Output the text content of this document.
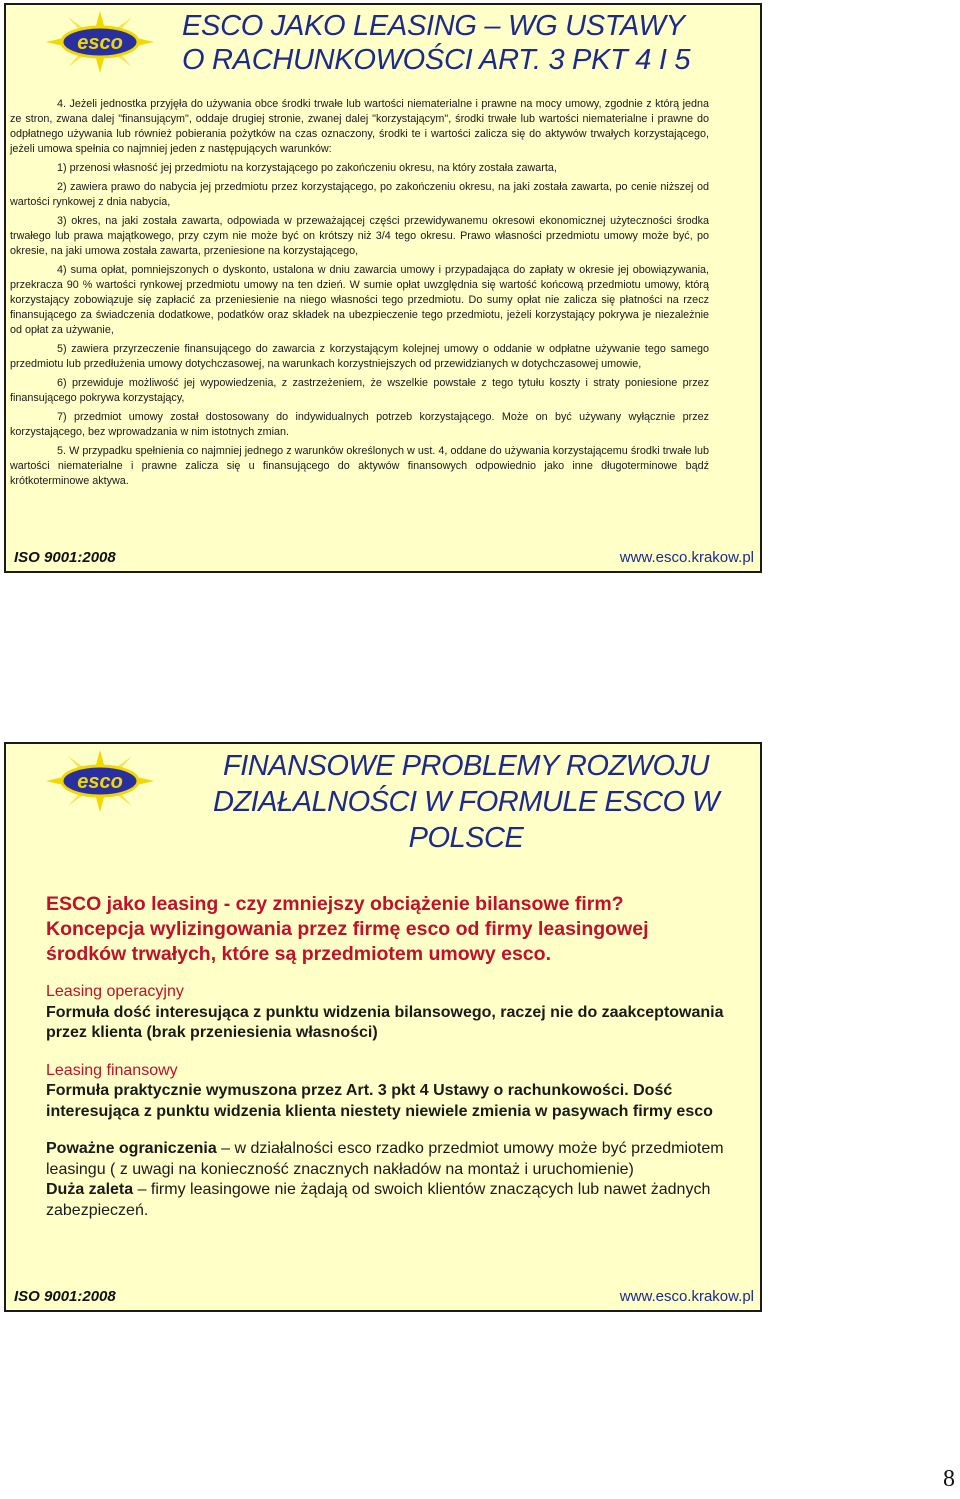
esco
ESCO JAKO LEASING – WG USTAWY
O RACHUNKOWOŚCI ART. 3 PKT 4 I 5

4. Jeżeli jednostka przyjęła do używania obce środki trwałe lub wartości niematerialne i prawne na mocy umowy, zgodnie z którą jedna ze stron, zwana dalej "finansującym", oddaje drugiej stronie, zwanej dalej "korzystającym", środki trwałe lub wartości niematerialne i prawne do odpłatnego używania lub również pobierania pożytków na czas oznaczony, środki te i wartości zalicza się do aktywów trwałych korzystającego, jeżeli umowa spełnia co najmniej jeden z następujących warunków:

1) przenosi własność jej przedmiotu na korzystającego po zakończeniu okresu, na który została zawarta,

2) zawiera prawo do nabycia jej przedmiotu przez korzystającego, po zakończeniu okresu, na jaki została zawarta, po cenie niższej od wartości rynkowej z dnia nabycia,

3) okres, na jaki została zawarta, odpowiada w przeważającej części przewidywanemu okresowi ekonomicznej użyteczności środka trwałego lub prawa majątkowego, przy czym nie może być on krótszy niż 3/4 tego okresu. Prawo własności przedmiotu umowy może być, po okresie, na jaki umowa została zawarta, przeniesione na korzystającego,

4) suma opłat, pomniejszonych o dyskonto, ustalona w dniu zawarcia umowy i przypadająca do zapłaty w okresie jej obowiązywania, przekracza 90 % wartości rynkowej przedmiotu umowy na ten dzień. W sumie opłat uwzględnia się wartość końcową przedmiotu umowy, którą korzystający zobowiązuje się zapłacić za przeniesienie na niego własności tego przedmiotu. Do sumy opłat nie zalicza się płatności na rzecz finansującego za świadczenia dodatkowe, podatków oraz składek na ubezpieczenie tego przedmiotu, jeżeli korzystający pokrywa je niezależnie od opłat za używanie,

5) zawiera przyrzeczenie finansującego do zawarcia z korzystającym kolejnej umowy o oddanie w odpłatne używanie tego samego przedmiotu lub przedłużenia umowy dotychczasowej, na warunkach korzystniejszych od przewidzianych w dotychczasowej umowie,

6) przewiduje możliwość jej wypowiedzenia, z zastrzeżeniem, że wszelkie powstałe z tego tytułu koszty i straty poniesione przez finansującego pokrywa korzystający,

7) przedmiot umowy został dostosowany do indywidualnych potrzeb korzystającego. Może on być używany wyłącznie przez korzystającego, bez wprowadzania w nim istotnych zmian.

5. W przypadku spełnienia co najmniej jednego z warunków określonych w ust. 4, oddane do używania korzystającemu środki trwałe lub wartości niematerialne i prawne zalicza się u finansującego do aktywów finansowych odpowiednio jako inne długoterminowe bądź krótkoterminowe aktywa.

ISO 9001:2008	www.esco.krakow.pl
esco	FINANSOWE PROBLEMY ROZWOJU
DZIAŁALNOŚCI W FORMULE ESCO W
POLSCE
ESCO jako leasing - czy zmniejszy obciążenie bilansowe firm?
Koncepcja wylizingowania przez firmę esco od firmy leasingowej środków trwałych, które są przedmiotem umowy esco.
Leasing operacyjny
Formuła dość interesująca z punktu widzenia bilansowego, raczej nie do zaakceptowania przez klienta (brak przeniesienia własności)
Leasing finansowy
Formuła praktycznie wymuszona przez Art. 3 pkt 4 Ustawy o rachunkowości. Dość interesująca z punktu widzenia klienta niestety niewiele zmienia w pasywach firmy esco
Poważne ograniczenia – w działalności esco rzadko przedmiot umowy może być przedmiotem leasingu ( z uwagi na konieczność znacznych nakładów na montaż i uruchomienie)
Duża zaleta – firmy leasingowe nie żądają od swoich klientów znaczących lub nawet żadnych zabezpieczeń.
ISO 9001:2008	www.esco.krakow.pl
8
